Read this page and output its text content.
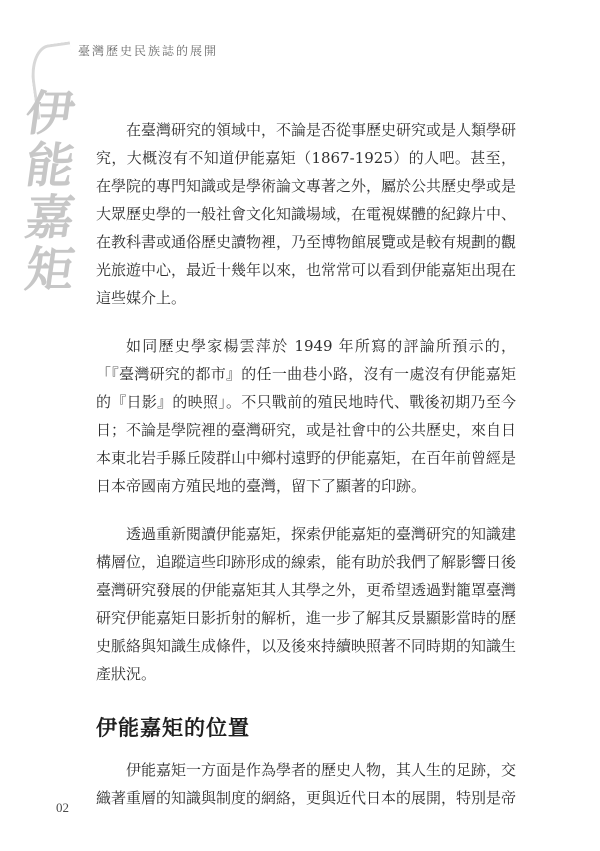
伊
能
嘉
矩
臺灣歷史民族誌的展開

在臺灣研究的領域中，不論是否從事歷史研究或是人類學研究，大概沒有不知道伊能嘉矩（1867-1925）的人吧。甚至，在學院的專門知識或是學術論文專著之外，屬於公共歷史學或是大眾歷史學的一般社會文化知識場域，在電視媒體的紀錄片中、在教科書或通俗歷史讀物裡，乃至博物館展覽或是較有規劃的觀光旅遊中心，最近十幾年以來，也常常可以看到伊能嘉矩出現在這些媒介上。

如同歷史學家楊雲萍於 1949 年所寫的評論所預示的，「『臺灣研究的都市』的任一曲巷小路，沒有一處沒有伊能嘉矩的『日影』的映照」。不只戰前的殖民地時代、戰後初期乃至今日；不論是學院裡的臺灣研究，或是社會中的公共歷史，來自日本東北岩手縣丘陵群山中鄉村遠野的伊能嘉矩，在百年前曾經是日本帝國南方殖民地的臺灣，留下了顯著的印跡。

透過重新閱讀伊能嘉矩，探索伊能嘉矩的臺灣研究的知識建構層位，追蹤這些印跡形成的線索，能有助於我們了解影響日後臺灣研究發展的伊能嘉矩其人其學之外，更希望透過對籠罩臺灣研究伊能嘉矩日影折射的解析，進一步了解其反景顯影當時的歷史脈絡與知識生成條件，以及後來持續映照著不同時期的知識生產狀況。

伊能嘉矩的位置

伊能嘉矩一方面是作為學者的歷史人物，其人生的足跡，交織著重層的知識與制度的網絡，更與近代日本的展開，特別是帝

02
